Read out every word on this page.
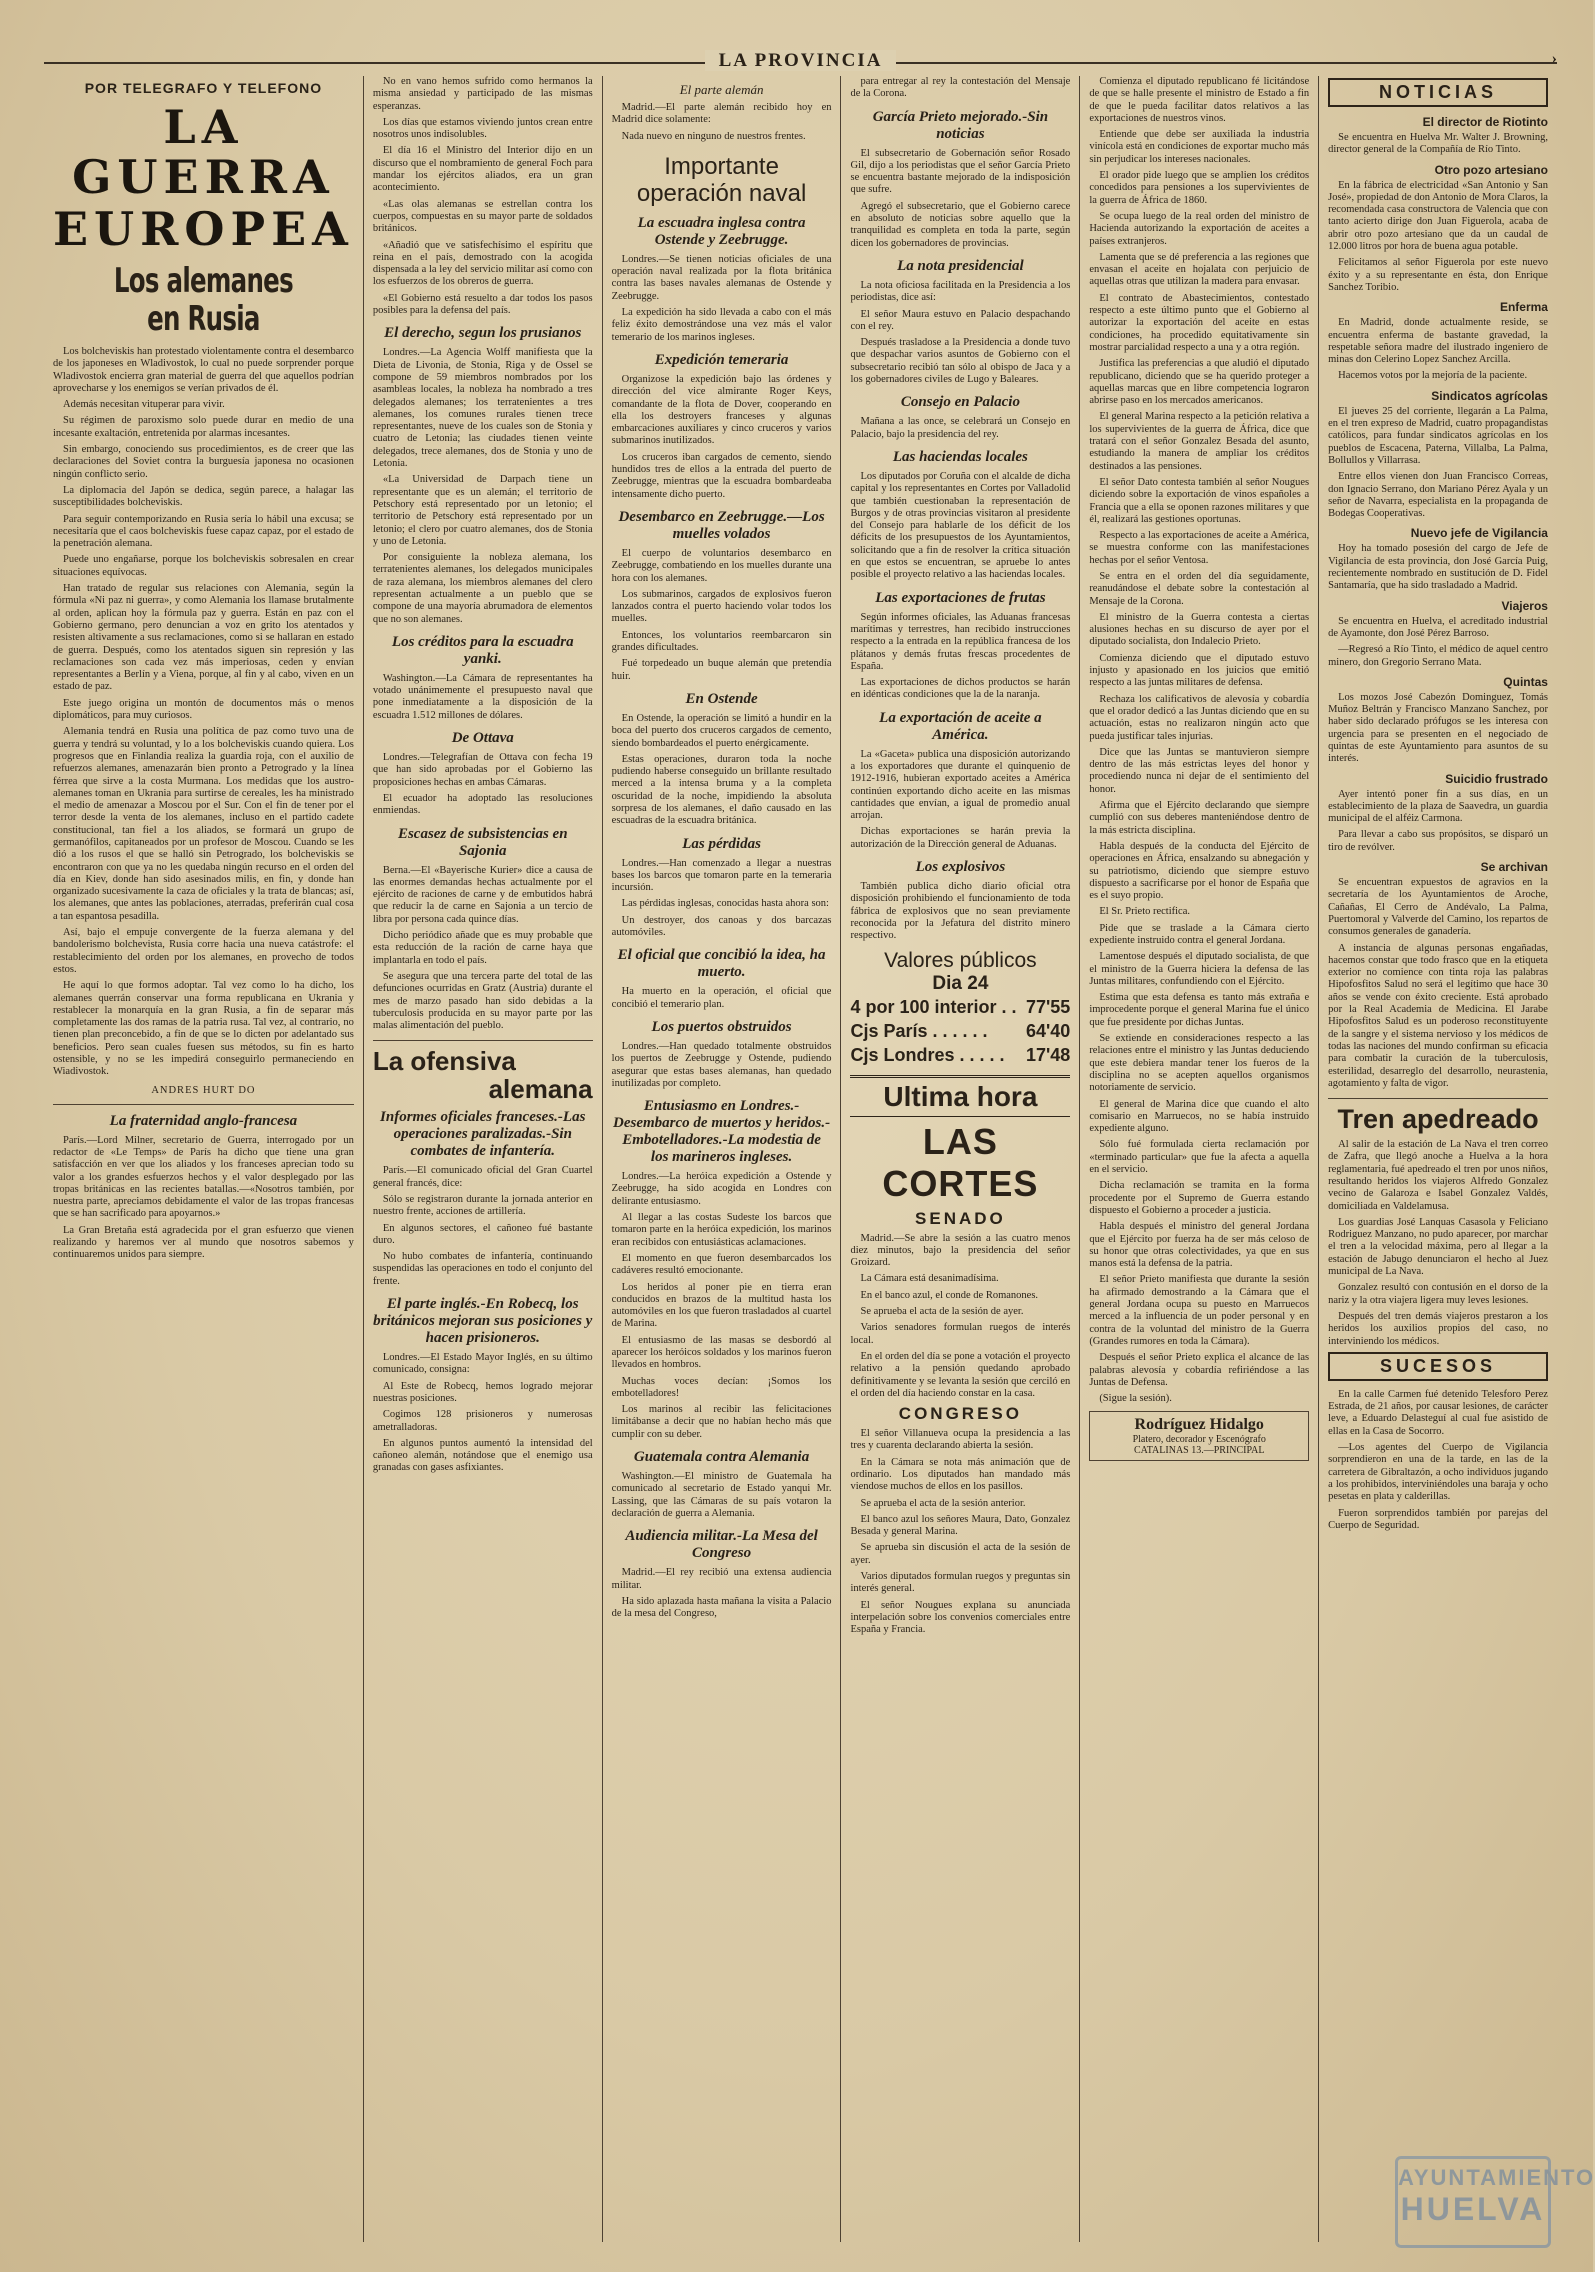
LA PROVINCIA	›
POR TELEGRAFO Y TELEFONO
LA GUERRA
EUROPEA
Los alemanes en Rusia

Los bolcheviskis han protestado violentamente contra el desembarco de los japoneses en Wladivostok, lo cual no puede sorprender porque Wladivostok encierra gran material de guerra del que aquellos podrían aprovecharse y los enemigos se verían privados de él.

Además necesitan vituperar para vivir.

Su régimen de paroxismo solo puede durar en medio de una incesante exaltación, entretenida por alarmas incesantes.

Sin embargo, conociendo sus procedimientos, es de creer que las declaraciones del Soviet contra la burguesía japonesa no ocasionen ningún conflicto serio.

La diplomacia del Japón se dedica, según parece, a halagar las susceptibilidades bolcheviskis.

Para seguir contemporizando en Rusia sería lo hábil una excusa; se necesitaría que el caos bolcheviskis fuese capaz capaz, por el estado de la penetración alemana.

Puede uno engañarse, porque los bolcheviskis sobresalen en crear situaciones equívocas.

Han tratado de regular sus relaciones con Alemania, según la fórmula «Ni paz ni guerra», y como Alemania los llamase brutalmente al orden, aplican hoy la fórmula paz y guerra. Están en paz con el Gobierno germano, pero denuncian a voz en grito los atentados y resisten altivamente a sus reclamaciones, como si se hallaran en estado de guerra. Después, como los atentados siguen sin represión y las reclamaciones son cada vez más imperiosas, ceden y envían representantes a Berlín y a Viena, porque, al fin y al cabo, viven en un estado de paz.

Este juego origina un montón de documentos más o menos diplomáticos, para muy curiosos.

Alemania tendrá en Rusia una política de paz como tuvo una de guerra y tendrá su voluntad, y lo a los bolcheviskis cuando quiera. Los progresos que en Finlandia realiza la guardia roja, con el auxilio de refuerzos alemanes, amenazarán bien pronto a Petrogrado y la línea férrea que sirve a la costa Murmana. Los medidas que los austro-alemanes toman en Ukrania para surtirse de cereales, les ha ministrado el medio de amenazar a Moscou por el Sur. Con el fin de tener por el terror desde la venta de los alemanes, incluso en el partido cadete constitucional, tan fiel a los aliados, se formará un grupo de germanófilos, capitaneados por un profesor de Moscou. Cuando se les dió a los rusos el que se halló sin Petrogrado, los bolcheviskis se encontraron con que ya no les quedaba ningún recurso en el orden del día en Kiev, donde han sido asesinados milis, en fin, y donde han organizado sucesivamente la caza de oficiales y la trata de blancas; así, los alemanes, que antes las poblaciones, aterradas, preferirán cual cosa a tan espantosa pesadilla.

Así, bajo el empuje convergente de la fuerza alemana y del bandolerismo bolchevista, Rusia corre hacia una nueva catástrofe: el restablecimiento del orden por los alemanes, en provecho de todos estos.

He aquí lo que formos adoptar. Tal vez como lo ha dicho, los alemanes querrán conservar una forma republicana en Ukrania y restablecer la monarquía en la gran Rusia, a fin de separar más completamente las dos ramas de la patria rusa. Tal vez, al contrario, no tienen plan preconcebido, a fin de que se lo dicten por adelantado sus beneficios. Pero sean cuales fuesen sus métodos, su fin es harto ostensible, y no se les impedirá conseguirlo permaneciendo en Wiadivostok.

ANDRES HURT DO
La fraternidad anglo-francesa

París.—Lord Milner, secretario de Guerra, interrogado por un redactor de «Le Temps» de París ha dicho que tiene una gran satisfacción en ver que los aliados y los franceses aprecian todo su valor a los grandes esfuerzos hechos y el valor desplegado por las tropas británicas en las recientes batallas.—«Nosotros también, por nuestra parte, apreciamos debidamente el valor de las tropas francesas que se han sacrificado para apoyarnos.»

La Gran Bretaña está agradecida por el gran esfuerzo que vienen realizando y haremos ver al mundo que nosotros sabemos y continuaremos unidos para siempre.

No en vano hemos sufrido como hermanos la misma ansiedad y participado de las mismas esperanzas.

Los días que estamos viviendo juntos crean entre nosotros unos indisolubles.

El día 16 el Ministro del Interior dijo en un discurso que el nombramiento de general Foch para mandar los ejércitos aliados, era un gran acontecimiento.

«Las olas alemanas se estrellan contra los cuerpos, compuestas en su mayor parte de soldados británicos.

«Añadió que ve satisfechísimo el espíritu que reina en el país, demostrado con la acogida dispensada a la ley del servicio militar así como con los esfuerzos de los obreros de guerra.

«El Gobierno está resuelto a dar todos los pasos posibles para la defensa del país.

El derecho, segun los prusianos

Londres.—La Agencia Wolff manifiesta que la Dieta de Livonia, de Stonia, Riga y de Ossel se compone de 59 miembros nombrados por los asambleas locales, la nobleza ha nombrado a tres delegados alemanes; los terratenientes a tres alemanes, los comunes rurales tienen trece representantes, nueve de los cuales son de Stonia y cuatro de Letonia; las ciudades tienen veinte delegados, trece alemanes, dos de Stonia y uno de Letonia.

«La Universidad de Darpach tiene un representante que es un alemán; el territorio de Petschory está representado por un letonio; el territorio de Petschory está representado por un letonio; el clero por cuatro alemanes, dos de Stonia y uno de Letonia.

Por consiguiente la nobleza alemana, los terratenientes alemanes, los delegados municipales de raza alemana, los miembros alemanes del clero representan actualmente a un pueblo que se compone de una mayoría abrumadora de elementos que no son alemanes.

Los créditos para la escuadra yanki.

Washington.—La Cámara de representantes ha votado unánimemente el presupuesto naval que pone inmediatamente a la disposición de la escuadra 1.512 millones de dólares.

De Ottava

Londres.—Telegrafían de Ottava con fecha 19 que han sido aprobadas por el Gobierno las proposiciones hechas en ambas Cámaras.

El ecuador ha adoptado las resoluciones enmiendas.

Escasez de subsistencias en Sajonia

Berna.—El «Bayerische Kurier» dice a causa de las enormes demandas hechas actualmente por el ejército de raciones de carne y de embutidos habrá que reducir la de carne en Sajonia a un tercio de libra por persona cada quince días.

Dicho periódico añade que es muy probable que esta reducción de la ración de carne haya que implantarla en todo el país.

Se asegura que una tercera parte del total de las defunciones ocurridas en Gratz (Austria) durante el mes de marzo pasado han sido debidas a la tuberculosis producida en su mayor parte por las malas alimentación del pueblo.

La ofensiva
alemana
Informes oficiales franceses.-Las operaciones paralizadas.-Sin combates de infantería.

París.—El comunicado oficial del Gran Cuartel general francés, dice:

Sólo se registraron durante la jornada anterior en nuestro frente, acciones de artillería.

En algunos sectores, el cañoneo fué bastante duro.

No hubo combates de infantería, continuando suspendidas las operaciones en todo el conjunto del frente.

El parte inglés.-En Robecq, los británicos mejoran sus posiciones y hacen prisioneros.

Londres.—El Estado Mayor Inglés, en su último comunicado, consigna:

Al Este de Robecq, hemos logrado mejorar nuestras posiciones.

Cogimos 128 prisioneros y numerosas ametralladoras.

En algunos puntos aumentó la intensidad del cañoneo alemán, notándose que el enemigo usa granadas con gases asfixiantes.

El parte alemán

Madrid.—El parte alemán recibido hoy en Madrid dice solamente:

Nada nuevo en ninguno de nuestros frentes.

Importante operación naval
La escuadra inglesa contra Ostende y Zeebrugge.

Londres.—Se tienen noticias oficiales de una operación naval realizada por la flota británica contra las bases navales alemanas de Ostende y Zeebrugge.

La expedición ha sido llevada a cabo con el más feliz éxito demostrándose una vez más el valor temerario de los marinos ingleses.

Expedición temeraria

Organizose la expedición bajo las órdenes y dirección del vice almirante Roger Keys, comandante de la flota de Dover, cooperando en ella los destroyers franceses y algunas embarcaciones auxiliares y cinco cruceros y varios submarinos inutilizados.

Los cruceros iban cargados de cemento, siendo hundidos tres de ellos a la entrada del puerto de Zeebrugge, mientras que la escuadra bombardeaba intensamente dicho puerto.

Desembarco en Zeebrugge.—Los muelles volados

El cuerpo de voluntarios desembarco en Zeebrugge, combatiendo en los muelles durante una hora con los alemanes.

Los submarinos, cargados de explosivos fueron lanzados contra el puerto haciendo volar todos los muelles.

Entonces, los voluntarios reembarcaron sin grandes dificultades.

Fué torpedeado un buque alemán que pretendía huir.

En Ostende

En Ostende, la operación se limitó a hundir en la boca del puerto dos cruceros cargados de cemento, siendo bombardeados el puerto enérgicamente.

Estas operaciones, duraron toda la noche pudiendo haberse conseguido un brillante resultado merced a la intensa bruma y a la completa oscuridad de la noche, impidiendo la absoluta sorpresa de los alemanes, el daño causado en las escuadras de la escuadra británica.

Las pérdidas

Londres.—Han comenzado a llegar a nuestras bases los barcos que tomaron parte en la temeraria incursión.

Las pérdidas inglesas, conocidas hasta ahora son:

Un destroyer, dos canoas y dos barcazas automóviles.

El oficial que concibió la idea, ha muerto.

Ha muerto en la operación, el oficial que concibió el temerario plan.

Los puertos obstruidos

Londres.—Han quedado totalmente obstruidos los puertos de Zeebrugge y Ostende, pudiendo asegurar que estas bases alemanas, han quedado inutilizadas por completo.

Entusiasmo en Londres.-Desembarco de muertos y heridos.-Embotelladores.-La modestia de los marineros ingleses.

Londres.—La heróica expedición a Ostende y Zeebrugge, ha sido acogida en Londres con delirante entusiasmo.

Al llegar a las costas Sudeste los barcos que tomaron parte en la heróica expedición, los marinos eran recibidos con entusiásticas aclamaciones.

El momento en que fueron desembarcados los cadáveres resultó emocionante.

Los heridos al poner pie en tierra eran conducidos en brazos de la multitud hasta los automóviles en los que fueron trasladados al cuartel de Marina.

El entusiasmo de las masas se desbordó al aparecer los heróicos soldados y los marinos fueron llevados en hombros.

Muchas voces decían: ¡Somos los embotelladores!

Los marinos al recibir las felicitaciones limitábanse a decir que no habían hecho más que cumplir con su deber.

Guatemala contra Alemania

Washington.—El ministro de Guatemala ha comunicado al secretario de Estado yanqui Mr. Lassing, que las Cámaras de su país votaron la declaración de guerra a Alemania.

Audiencia militar.-La Mesa del Congreso

Madrid.—El rey recibió una extensa audiencia militar.

Ha sido aplazada hasta mañana la visita a Palacio de la mesa del Congreso,

para entregar al rey la contestación del Mensaje de la Corona.

García Prieto mejorado.-Sin noticias

El subsecretario de Gobernación señor Rosado Gil, dijo a los periodistas que el señor García Prieto se encuentra bastante mejorado de la indisposición que sufre.

Agregó el subsecretario, que el Gobierno carece en absoluto de noticias sobre aquello que la tranquilidad es completa en toda la parte, según dicen los gobernadores de provincias.

La nota presidencial

La nota oficiosa facilitada en la Presidencia a los periodistas, dice así:

El señor Maura estuvo en Palacio despachando con el rey.

Después trasladose a la Presidencia a donde tuvo que despachar varios asuntos de Gobierno con el subsecretario recibió tan sólo al obispo de Jaca y a los gobernadores civiles de Lugo y Baleares.

Consejo en Palacio

Mañana a las once, se celebrará un Consejo en Palacio, bajo la presidencia del rey.

Las haciendas locales

Los diputados por Coruña con el alcalde de dicha capital y los representantes en Cortes por Valladolid que también cuestionaban la representación de Burgos y de otras provincias visitaron al presidente del Consejo para hablarle de los déficit de los déficits de los presupuestos de los Ayuntamientos, solicitando que a fin de resolver la crítica situación en que estos se encuentran, se apruebe lo antes posible el proyecto relativo a las haciendas locales.

Las exportaciones de frutas

Según informes oficiales, las Aduanas francesas marítimas y terrestres, han recibido instrucciones respecto a la entrada en la república francesa de los plátanos y demás frutas frescas procedentes de España.

Las exportaciones de dichos productos se harán en idénticas condiciones que la de la naranja.

La exportación de aceite a América.

La «Gaceta» publica una disposición autorizando a los exportadores que durante el quinquenio de 1912-1916, hubieran exportado aceites a América continúen exportando dicho aceite en las mismas cantidades que envían, a igual de promedio anual arrojan.

Dichas exportaciones se harán previa la autorización de la Dirección general de Aduanas.

Los explosivos

También publica dicho diario oficial otra disposición prohibiendo el funcionamiento de toda fábrica de explosivos que no sean previamente reconocida por la Jefatura del distrito minero respectivo.

Valores públicos
Dia 24
4 por 100 interior . . 77'55
Cjs París . . . . . . 64'40
Cjs Londres . . . . . 17'48
Ultima hora
LAS CORTES
SENADO

Madrid.—Se abre la sesión a las cuatro menos diez minutos, bajo la presidencia del señor Groizard.

La Cámara está desanimadísima.

En el banco azul, el conde de Romanones.

Se aprueba el acta de la sesión de ayer.

Varios senadores formulan ruegos de interés local.

En el orden del día se pone a votación el proyecto relativo a la pensión quedando aprobado definitivamente y se levanta la sesión que cerciló en el orden del día haciendo constar en la casa.

CONGRESO

El señor Villanueva ocupa la presidencia a las tres y cuarenta declarando abierta la sesión.

En la Cámara se nota más animación que de ordinario. Los diputados han mandado más viendose muchos de ellos en los pasillos.

Se aprueba el acta de la sesión anterior.

El banco azul los señores Maura, Dato, Gonzalez Besada y general Marina.

Se aprueba sin discusión el acta de la sesión de ayer.

Varios diputados formulan ruegos y preguntas sin interés general.

El señor Nougues explana su anunciada interpelación sobre los convenios comerciales entre España y Francia.

Comienza el diputado republicano fé licitándose de que se halle presente el ministro de Estado a fin de que le pueda facilitar datos relativos a las exportaciones de nuestros vinos.

Entiende que debe ser auxiliada la industria vinícola está en condiciones de exportar mucho más sin perjudicar los intereses nacionales.

El orador pide luego que se amplien los créditos concedidos para pensiones a los supervivientes de la guerra de África de 1860.

Se ocupa luego de la real orden del ministro de Hacienda autorizando la exportación de aceites a países extranjeros.

Lamenta que se dé preferencia a las regiones que envasan el aceite en hojalata con perjuicio de aquellas otras que utilizan la madera para envasar.

El contrato de Abastecimientos, contestado respecto a este último punto que el Gobierno al autorizar la exportación del aceite en estas condiciones, ha procedido equitativamente sin mostrar parcialidad respecto a una y a otra región.

Justifica las preferencias a que aludió el diputado republicano, diciendo que se ha querido proteger a aquellas marcas que en libre competencia lograron abrirse paso en los mercados americanos.

El general Marina respecto a la petición relativa a los supervivientes de la guerra de África, dice que tratará con el señor Gonzalez Besada del asunto, estudiando la manera de ampliar los créditos destinados a las pensiones.

El señor Dato contesta también al señor Nougues diciendo sobre la exportación de vinos españoles a Francia que a ella se oponen razones militares y que él, realizará las gestiones oportunas.

Respecto a las exportaciones de aceite a América, se muestra conforme con las manifestaciones hechas por el señor Ventosa.

Se entra en el orden del día seguidamente, reanudándose el debate sobre la contestación al Mensaje de la Corona.

El ministro de la Guerra contesta a ciertas alusiones hechas en su discurso de ayer por el diputado socialista, don Indalecio Prieto.

Comienza diciendo que el diputado estuvo injusto y apasionado en los juicios que emitió respecto a las juntas militares de defensa.

Rechaza los calificativos de alevosía y cobardía que el orador dedicó a las Juntas diciendo que en su actuación, estas no realizaron ningún acto que pueda justificar tales injurias.

Dice que las Juntas se mantuvieron siempre dentro de las más estrictas leyes del honor y procediendo nunca ni dejar de el sentimiento del honor.

Afirma que el Ejército declarando que siempre cumplió con sus deberes manteniéndose dentro de la más estricta disciplina.

Habla después de la conducta del Ejército de operaciones en África, ensalzando su abnegación y su patriotismo, diciendo que siempre estuvo dispuesto a sacrificarse por el honor de España que es el suyo propio.

El Sr. Prieto rectifica.

Pide que se traslade a la Cámara cierto expediente instruido contra el general Jordana.

Lamentose después el diputado socialista, de que el ministro de la Guerra hiciera la defensa de las Juntas militares, confundiendo con el Ejército.

Estima que esta defensa es tanto más extraña e improcedente porque el general Marina fue el único que fue presidente por dichas Juntas.

Se extiende en consideraciones respecto a las relaciones entre el ministro y las Juntas deduciendo que este debiera mandar tener los fueros de la disciplina no se acepten aquellos organismos notoriamente de servicio.

El general de Marina dice que cuando el alto comisario en Marruecos, no se había instruido expediente alguno.

Sólo fué formulada cierta reclamación por «terminado particular» que fue la afecta a aquella en el servicio.

Dicha reclamación se tramita en la forma procedente por el Supremo de Guerra estando dispuesto el Gobierno a proceder a justicia.

Habla después el ministro del general Jordana que el Ejército por fuerza ha de ser más celoso de su honor que otras colectividades, ya que en sus manos está la defensa de la patria.

El señor Prieto manifiesta que durante la sesión ha afirmado demostrando a la Cámara que el general Jordana ocupa su puesto en Marruecos merced a la influencia de un poder personal y en contra de la voluntad del ministro de la Guerra (Grandes rumores en toda la Cámara).

Después el señor Prieto explica el alcance de las palabras alevosía y cobardía refiriéndose a las Juntas de Defensa.

(Sigue la sesión).

Rodríguez Hidalgo
Platero, decorador y Escenógrafo
CATALINAS 13.—PRINCIPAL
NOTICIAS
El director de Riotinto

Se encuentra en Huelva Mr. Walter J. Browning, director general de la Compañía de Río Tinto.

Otro pozo artesiano

En la fábrica de electricidad «San Antonio y San José», propiedad de don Antonio de Mora Claros, la recomendada casa constructora de Valencia que con tanto acierto dirige don Juan Figuerola, acaba de abrir otro pozo artesiano que da un caudal de 12.000 litros por hora de buena agua potable.

Felicitamos al señor Figuerola por este nuevo éxito y a su representante en ésta, don Enrique Sanchez Toribio.

Enferma

En Madrid, donde actualmente reside, se encuentra enferma de bastante gravedad, la respetable señora madre del ilustrado ingeniero de minas don Celerino Lopez Sanchez Arcilla.

Hacemos votos por la mejoría de la paciente.

Sindicatos agrícolas

El jueves 25 del corriente, llegarán a La Palma, en el tren expreso de Madrid, cuatro propagandistas católicos, para fundar sindicatos agrícolas en los pueblos de Escacena, Paterna, Villalba, La Palma, Bollullos y Villarrasa.

Entre ellos vienen don Juan Francisco Correas, don Ignacio Serrano, don Mariano Pérez Ayala y un señor de Navarra, especialista en la propaganda de Bodegas Cooperativas.

Nuevo jefe de Vigilancia

Hoy ha tomado posesión del cargo de Jefe de Vigilancia de esta provincia, don José García Puig, recientemente nombrado en sustitución de D. Fidel Santamaría, que ha sido trasladado a Madrid.

Viajeros

Se encuentra en Huelva, el acreditado industrial de Ayamonte, don José Pérez Barroso.

—Regresó a Río Tinto, el médico de aquel centro minero, don Gregorio Serrano Mata.

Quintas

Los mozos José Cabezón Dominguez, Tomás Muñoz Beltrán y Francisco Manzano Sanchez, por haber sido declarado prófugos se les interesa con urgencia para se presenten en el negociado de quintas de este Ayuntamiento para asuntos de su interés.

Suicidio frustrado

Ayer intentó poner fin a sus días, en un establecimiento de la plaza de Saavedra, un guardia municipal de el alféiz Carmona.

Para llevar a cabo sus propósitos, se disparó un tiro de revólver.

Se archivan

Se encuentran expuestos de agravios en la secretaría de los Ayuntamientos de Aroche, Cañañas, El Cerro de Andévalo, La Palma, Puertomoral y Valverde del Camino, los repartos de consumos generales de ganadería.

A instancia de algunas personas engañadas, hacemos constar que todo frasco que en la etiqueta exterior no comience con tinta roja las palabras Hipofosfitos Salud no será el legítimo que hace 30 años se vende con éxito creciente. Está aprobado por la Real Academia de Medicina. El Jarabe Hipofosfitos Salud es un poderoso reconstituyente de la sangre y el sistema nervioso y los médicos de todas las naciones del mundo confirman su eficacia para combatir la curación de la tuberculosis, esterilidad, desarreglo del desarrollo, neurastenia, agotamiento y falta de vigor.

Tren apedreado

Al salir de la estación de La Nava el tren correo de Zafra, que llegó anoche a Huelva a la hora reglamentaria, fué apedreado el tren por unos niños, resultando heridos los viajeros Alfredo Gonzalez vecino de Galaroza e Isabel Gonzalez Valdés, domiciliada en Valdelamusa.

Los guardias José Lanquas Casasola y Feliciano Rodriguez Manzano, no pudo aparecer, por marchar el tren a la velocidad máxima, pero al llegar a la estación de Jabugo denunciaron el hecho al Juez municipal de La Nava.

Gonzalez resultó con contusión en el dorso de la nariz y la otra viajera ligera muy leves lesiones.

Después del tren demás viajeros prestaron a los heridos los auxilios propios del caso, no interviniendo los médicos.

SUCESOS

En la calle Carmen fué detenido Telesforo Perez Estrada, de 21 años, por causar lesiones, de carácter leve, a Eduardo Delasteguí al cual fue asistido de ellas en la Casa de Socorro.

—Los agentes del Cuerpo de Vigilancia sorprendieron en una de la tarde, en las de la carretera de Gibraltazón, a ocho individuos jugando a los prohibidos, interviniéndoles una baraja y ocho pesetas en plata y calderillas.

Fueron sorprendidos también por parejas del Cuerpo de Seguridad.

AYUNTAMIENTO
HUELVA
